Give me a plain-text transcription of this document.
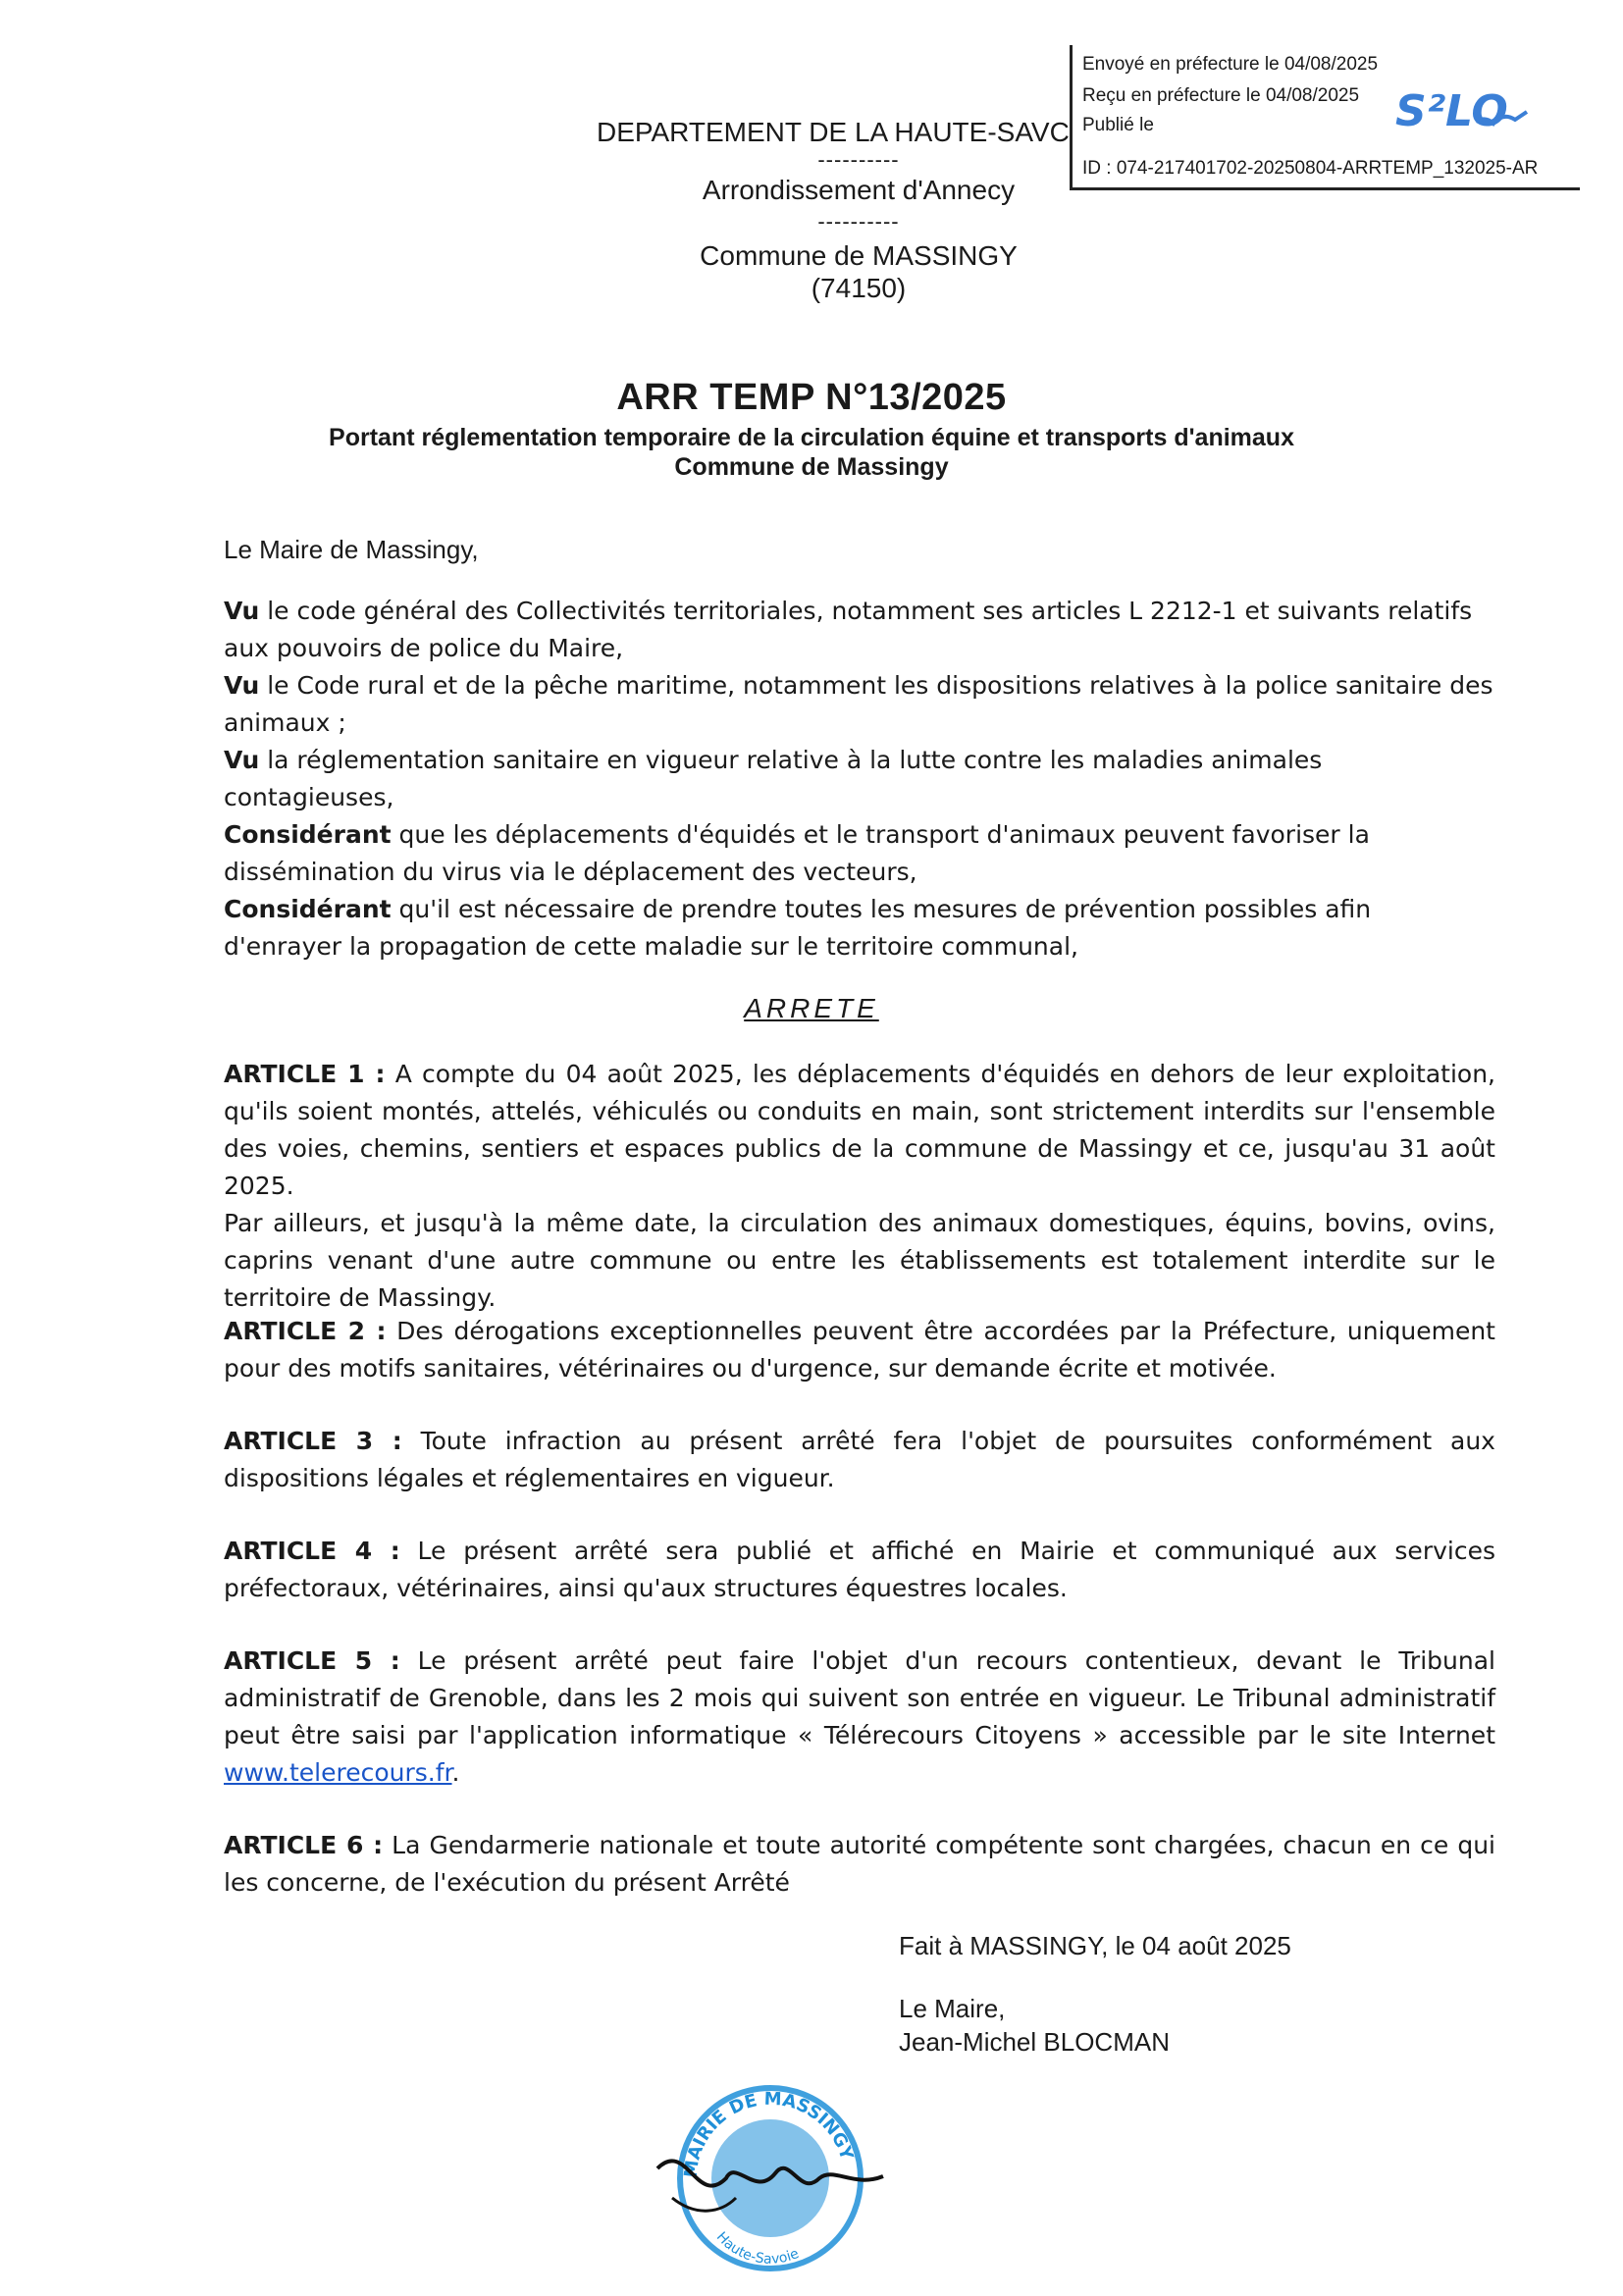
DEPARTEMENT DE LA HAUTE-SAVC
----------
Arrondissement d'Annecy
----------
Commune de MASSINGY
(74150)
Envoyé en préfecture le 04/08/2025
Reçu en préfecture le 04/08/2025
Publié le
ID : 074-217401702-20250804-ARRTEMP_132025-AR
S²LO
ARR TEMP N°13/2025
Portant réglementation temporaire de la circulation équine et transports d'animaux
Commune de Massingy
Le Maire de Massingy,

Vu le code général des Collectivités territoriales, notamment ses articles L 2212-1 et suivants relatifs aux pouvoirs de police du Maire,

Vu le Code rural et de la pêche maritime, notamment les dispositions relatives à la police sanitaire des animaux ;

Vu la réglementation sanitaire en vigueur relative à la lutte contre les maladies animales contagieuses,

Considérant que les déplacements d'équidés et le transport d'animaux peuvent favoriser la dissémination du virus via le déplacement des vecteurs,

Considérant qu'il est nécessaire de prendre toutes les mesures de prévention possibles afin d'enrayer la propagation de cette maladie sur le territoire communal,

ARRETE
ARTICLE 1 : A compte du 04 août 2025, les déplacements d'équidés en dehors de leur exploitation, qu'ils soient montés, attelés, véhiculés ou conduits en main, sont strictement interdits sur l'ensemble des voies, chemins, sentiers et espaces publics de la commune de Massingy et ce, jusqu'au 31 août 2025.
Par ailleurs, et jusqu'à la même date, la circulation des animaux domestiques, équins, bovins, ovins, caprins venant d'une autre commune ou entre les établissements est totalement interdite sur le territoire de Massingy.
ARTICLE 2 : Des dérogations exceptionnelles peuvent être accordées par la Préfecture, uniquement pour des motifs sanitaires, vétérinaires ou d'urgence, sur demande écrite et motivée.
ARTICLE 3 : Toute infraction au présent arrêté fera l'objet de poursuites conformément aux dispositions légales et réglementaires en vigueur.
ARTICLE 4 : Le présent arrêté sera publié et affiché en Mairie et communiqué aux services préfectoraux, vétérinaires, ainsi qu'aux structures équestres locales.
ARTICLE 5 : Le présent arrêté peut faire l'objet d'un recours contentieux, devant le Tribunal administratif de Grenoble, dans les 2 mois qui suivent son entrée en vigueur. Le Tribunal administratif peut être saisi par l'application informatique « Télérecours Citoyens » accessible par le site Internet www.telerecours.fr.
ARTICLE 6 : La Gendarmerie nationale et toute autorité compétente sont chargées, chacun en ce qui les concerne, de l'exécution du présent Arrêté
Fait à MASSINGY, le 04 août 2025
Le Maire,
Jean-Michel BLOCMAN
MAIRIE DE MASSINGY
Haute-Savoie
